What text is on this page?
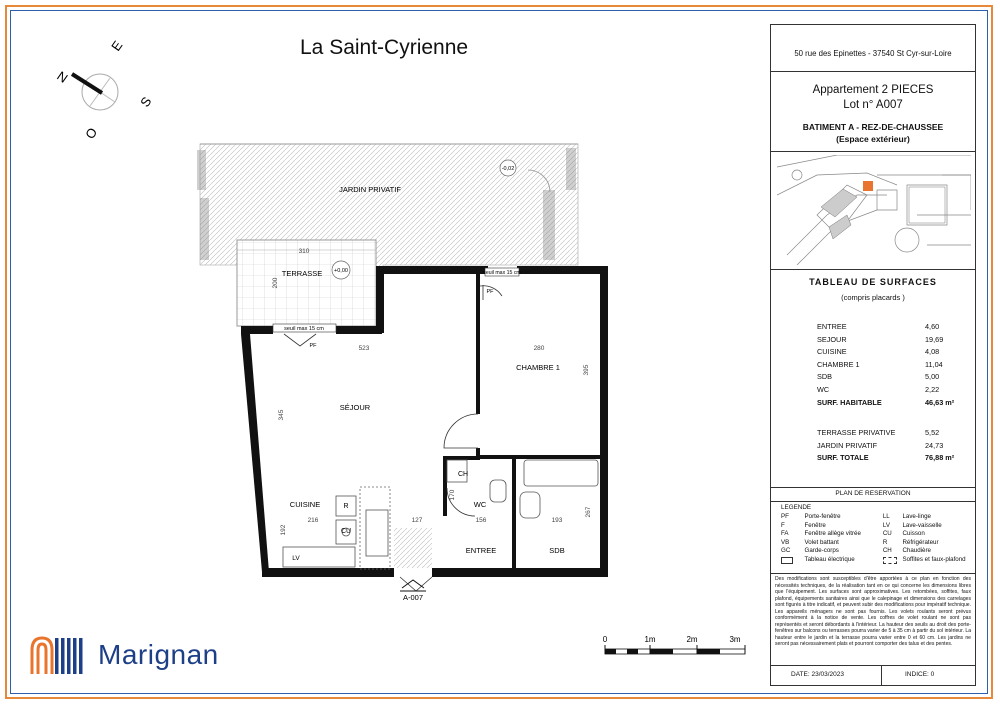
La Saint-Cyrienne
N
E
S
O
-0,02
+0,00
seuil max 15 cm
seuil max 15 cm
JARDIN PRIVATIF
TERRASSE
SÉJOUR
CHAMBRE 1
CUISINE	WC
ENTREE	SDB
CH
R
CU
LV
PF
PF
310
200
523	280
345
395
216
192
127	156	193
267
170
A-007
0	1m	2m	3m
Marignan
50 rue des Epinettes - 37540 St Cyr-sur-Loire
Appartement 2 PIECES
Lot n° A007
BATIMENT A - REZ-DE-CHAUSSEE
(Espace extérieur)
TABLEAU DE SURFACES
(compris placards )
ENTREE	4,60
SEJOUR	19,69
CUISINE	4,08
CHAMBRE 1	11,04
SDB	5,00
WC	2,22
SURF. HABITABLE	46,63 m²
TERRASSE PRIVATIVE	5,52
JARDIN PRIVATIF	24,73
SURF. TOTALE	76,88 m²
PLAN DE RESERVATION
LEGENDE
PF	Porte-fenêtre	LL	Lave-linge
F	Fenêtre	LV	Lave-vaisselle
FA	Fenêtre allège vitrée	CU	Cuisson
VB	Volet battant	R	Réfrigérateur
GC	Garde-corps	CH	Chaudière
Tableau électrique	Soffites et faux-plafond
Des modifications sont susceptibles d'être apportées à ce plan en fonction des nécessités techniques, de la réalisation tant en ce qui concerne les dimensions libres que l'équipement. Les surfaces sont approximatives. Les retombées, soffites, faux plafond, équipements sanitaires ainsi que le calepinage et dimensions des carrelages sont figurés à titre indicatif, et peuvent subir des modifications pour impératif technique. Les appareils ménagers ne sont pas fournis. Les volets roulants seront prévus conformément à la notice de vente. Les coffres de volet roulant ne sont pas représentés et seront débordants à l'intérieur. La hauteur des seuils au droit des porte-fenêtres sur balcons ou terrasses pourra varier de 5 à 35 cm à partir du sol intérieur. La hauteur entre le jardin et la terrasse pourra varier entre 0 et 60 cm. Les jardins ne seront pas nécessairement plats et pourront comporter des talus et des pentes.
DATE: 23/03/2023	INDICE: 0
